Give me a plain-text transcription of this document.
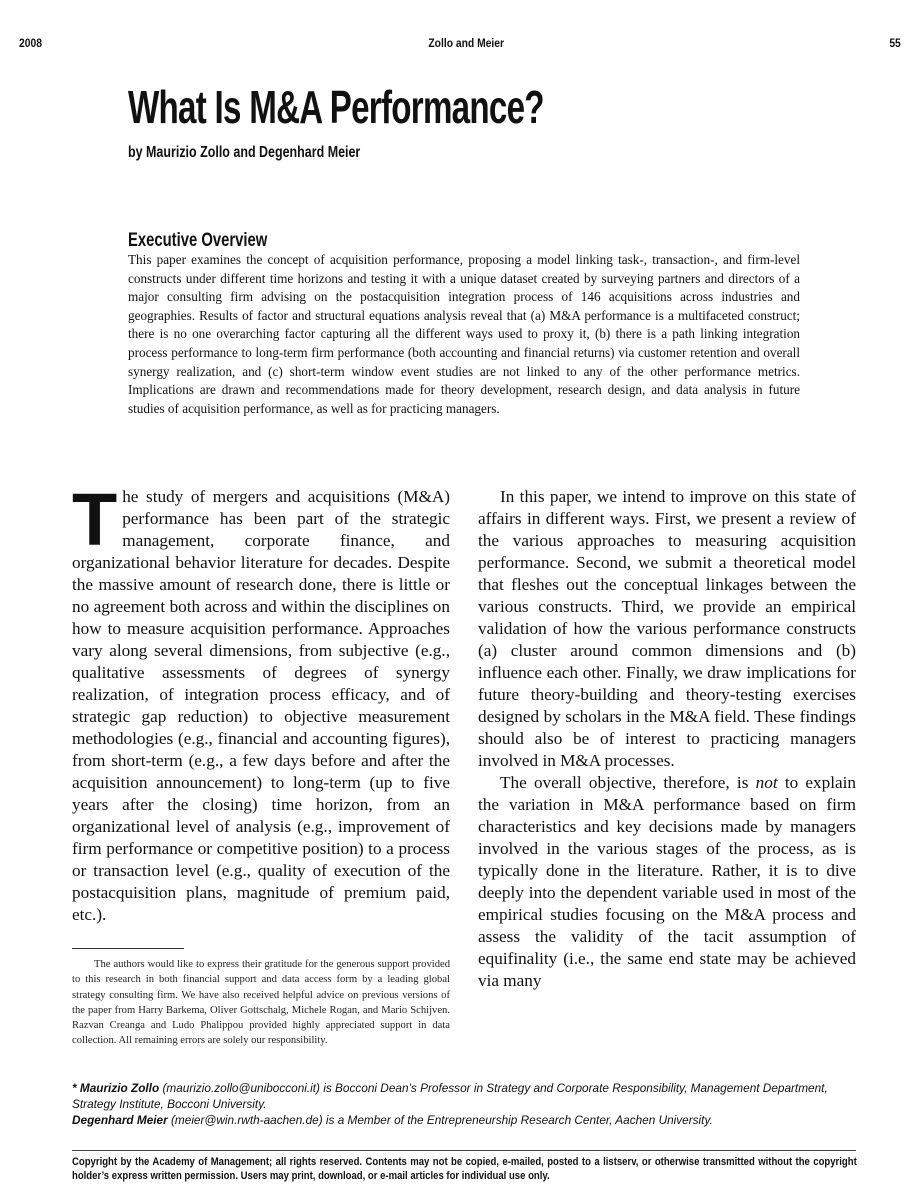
2008	Zollo and Meier	55
What Is M&A Performance?
by Maurizio Zollo and Degenhard Meier
Executive Overview

This paper examines the concept of acquisition performance, proposing a model linking task-, transaction-, and firm-level constructs under different time horizons and testing it with a unique dataset created by surveying partners and directors of a major consulting firm advising on the postacquisition integration process of 146 acquisitions across industries and geographies. Results of factor and structural equations analysis reveal that (a) M&A performance is a multifaceted construct; there is no one overarching factor capturing all the different ways used to proxy it, (b) there is a path linking integration process performance to long-term firm performance (both accounting and financial returns) via customer retention and overall synergy realization, and (c) short-term window event studies are not linked to any of the other performance metrics. Implications are drawn and recommendations made for theory development, research design, and data analysis in future studies of acquisition performance, as well as for practicing managers.

The study of mergers and acquisitions (M&A) performance has been part of the strategic management, corporate finance, and organizational behavior literature for decades. Despite the massive amount of research done, there is little or no agreement both across and within the disciplines on how to measure acquisition performance. Approaches vary along several dimensions, from subjective (e.g., qualitative assessments of degrees of synergy realization, of integration process efficacy, and of strategic gap reduction) to objective measurement methodologies (e.g., financial and accounting figures), from short-term (e.g., a few days before and after the acquisition announcement) to long-term (up to five years after the closing) time horizon, from an organizational level of analysis (e.g., improvement of firm performance or competitive position) to a process or transaction level (e.g., quality of execution of the postacquisition plans, magnitude of premium paid, etc.).

In this paper, we intend to improve on this state of affairs in different ways. First, we present a review of the various approaches to measuring acquisition performance. Second, we submit a theoretical model that fleshes out the conceptual linkages between the various constructs. Third, we provide an empirical validation of how the various performance constructs (a) cluster around common dimensions and (b) influence each other. Finally, we draw implications for future theory-building and theory-testing exercises designed by scholars in the M&A field. These findings should also be of interest to practicing managers involved in M&A processes.

The overall objective, therefore, is not to explain the variation in M&A performance based on firm characteristics and key decisions made by managers involved in the various stages of the process, as is typically done in the literature. Rather, it is to dive deeply into the dependent variable used in most of the empirical studies focusing on the M&A process and assess the validity of the tacit assumption of equifinality (i.e., the same end state may be achieved via many

The authors would like to express their gratitude for the generous support provided to this research in both financial support and data access form by a leading global strategy consulting firm. We have also received helpful advice on previous versions of the paper from Harry Barkema, Oliver Gottschalg, Michele Rogan, and Mario Schijven. Razvan Creanga and Ludo Phalippou provided highly appreciated support in data collection. All remaining errors are solely our responsibility.

* Maurizio Zollo (maurizio.zollo@unibocconi.it) is Bocconi Dean’s Professor in Strategy and Corporate Responsibility, Management Department, Strategy Institute, Bocconi University.
Degenhard Meier (meier@win.rwth-aachen.de) is a Member of the Entrepreneurship Research Center, Aachen University.

Copyright by the Academy of Management; all rights reserved. Contents may not be copied, e-mailed, posted to a listserv, or otherwise transmitted without the copyright holder’s express written permission. Users may print, download, or e-mail articles for individual use only.
